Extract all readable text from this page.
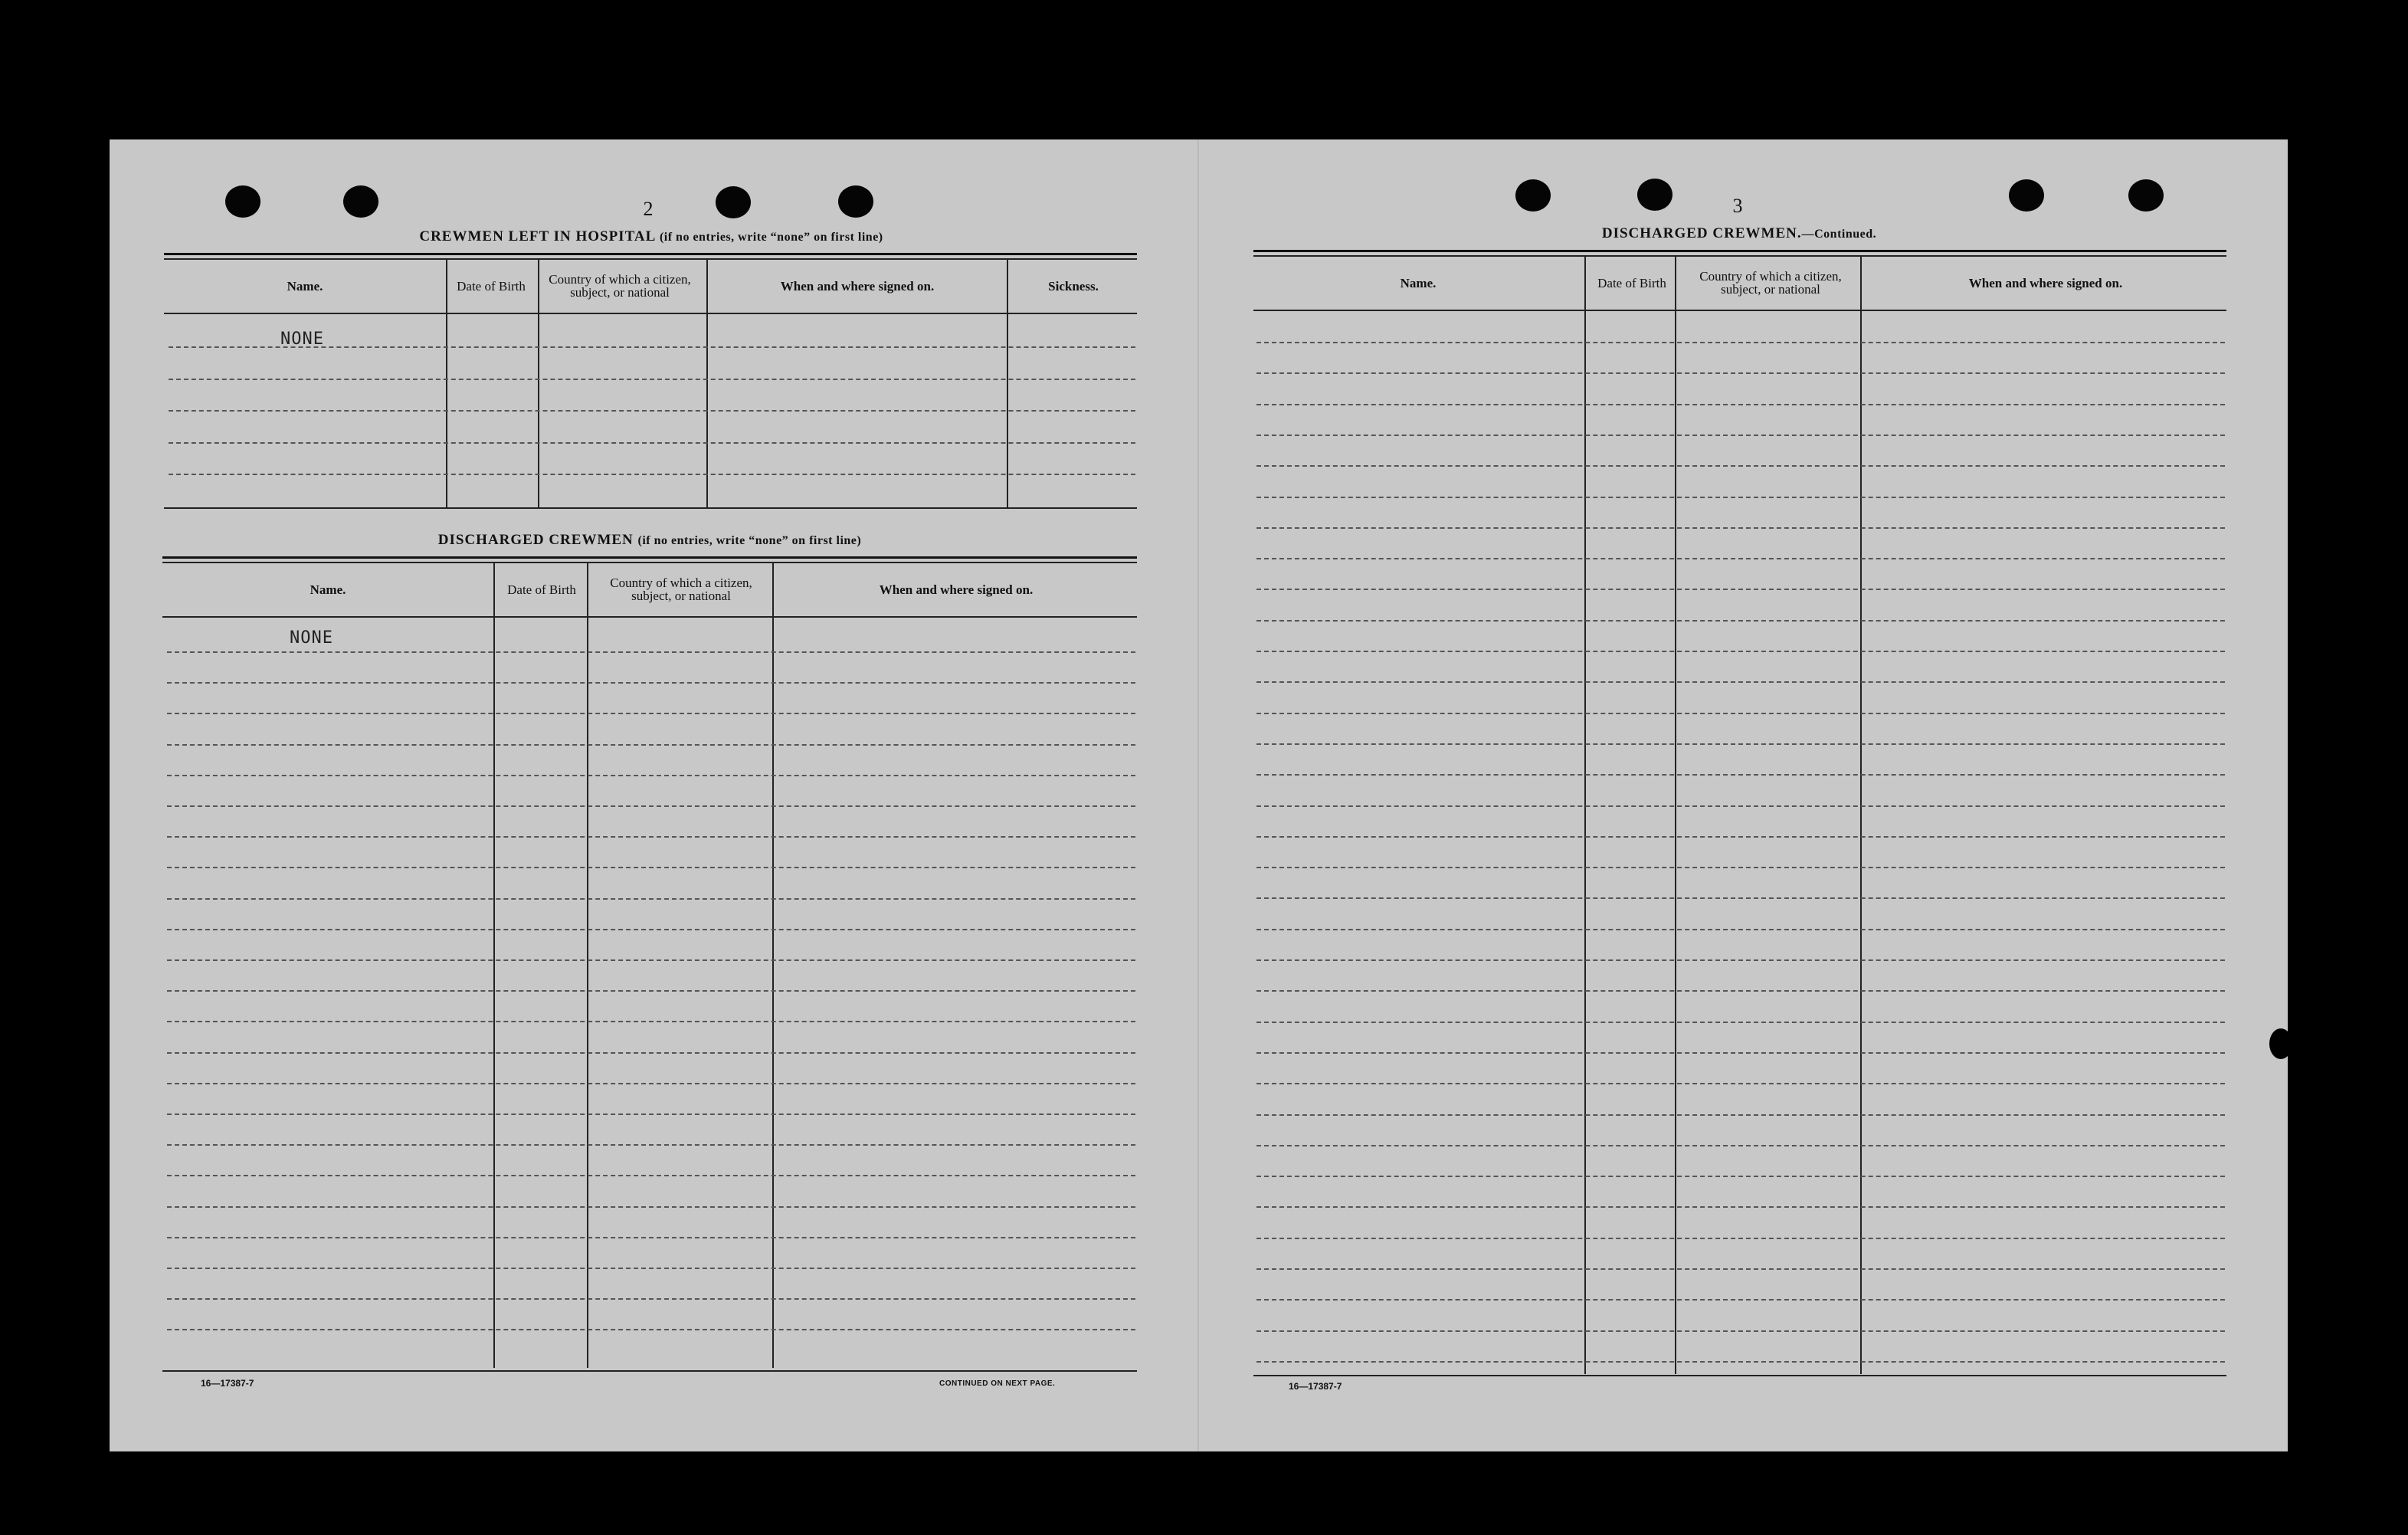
2
CREWMEN LEFT IN HOSPITAL (if no entries, write “none” on first line)
Name.	Date of Birth	Country of which a citizen, subject, or national	When and where signed on.	Sickness.
NONE
DISCHARGED CREWMEN (if no entries, write “none” on first line)
Name.	Date of Birth	Country of which a citizen, subject, or national	When and where signed on.
NONE
16—17387-7	CONTINUED ON NEXT PAGE.
3
DISCHARGED CREWMEN.—Continued.
Name.	Date of Birth	Country of which a citizen, subject, or national	When and where signed on.
16—17387-7
